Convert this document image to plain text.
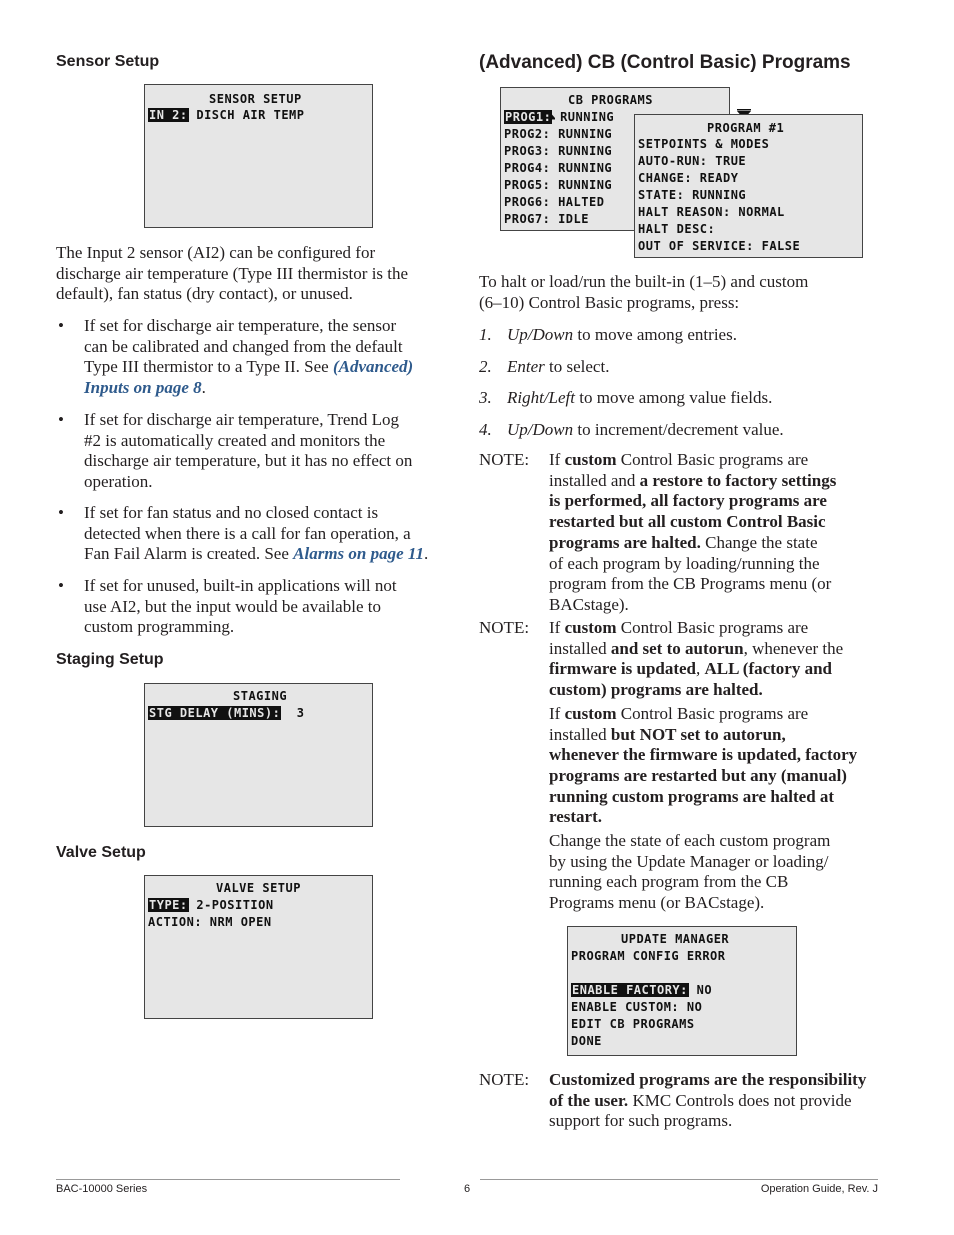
Sensor Setup
SENSOR SETUP
IN 2: DISCH AIR TEMP
The Input 2 sensor (AI2) can be configured for
discharge air temperature (Type III thermistor is the
default), fan status (dry contact), or unused.
• If set for discharge air temperature, the sensor
can be calibrated and changed from the default
Type III thermistor to a Type II. See (Advanced)
Inputs on page 8.
• If set for discharge air temperature, Trend Log
#2 is automatically created and monitors the
discharge air temperature, but it has no effect on
operation.
• If set for fan status and no closed contact is
detected when there is a call for fan operation, a
Fan Fail Alarm is created. See Alarms on page 11.
• If set for unused, built-in applications will not
use AI2, but the input would be available to
custom programming.
Staging Setup
STAGING
STG DELAY (MINS):  3
Valve Setup
VALVE SETUP
TYPE: 2-POSITION
ACTION: NRM OPEN
(Advanced) CB (Control Basic) Programs

CB PROGRAMS

PROG1: RUNNING
PROG2: RUNNING
PROG3: RUNNING
PROG4: RUNNING
PROG5: RUNNING
PROG6: HALTED
PROG7: IDLE
PROGRAM #1
SETPOINTS & MODES
AUTO-RUN: TRUE
CHANGE: READY
STATE: RUNNING
HALT REASON: NORMAL
HALT DESC:
OUT OF SERVICE: FALSE
To halt or load/run the built-in (1–5) and custom
(6–10) Control Basic programs, press:
1. Up/Down to move among entries.
2. Enter to select.
3. Right/Left to move among value fields.
4. Up/Down to increment/decrement value.
NOTE: If custom Control Basic programs are
installed and a restore to factory settings
is performed, all factory programs are
restarted but all custom Control Basic
programs are halted. Change the state
of each program by loading/running the
program from the CB Programs menu (or
BACstage).
NOTE: If custom Control Basic programs are
installed and set to autorun, whenever the
firmware is updated, ALL (factory and
custom) programs are halted.
If custom Control Basic programs are
installed but NOT set to autorun,
whenever the firmware is updated, factory
programs are restarted but any (manual)
running custom programs are halted at
restart.
Change the state of each custom program
by using the Update Manager or loading/
running each program from the CB
Programs menu (or BACstage).
UPDATE MANAGER
PROGRAM CONFIG ERROR
ENABLE FACTORY: NO
ENABLE CUSTOM: NO
EDIT CB PROGRAMS
DONE
NOTE: Customized programs are the responsibility
of the user. KMC Controls does not provide
support for such programs.
BAC-10000 Series	6	Operation Guide, Rev. J
